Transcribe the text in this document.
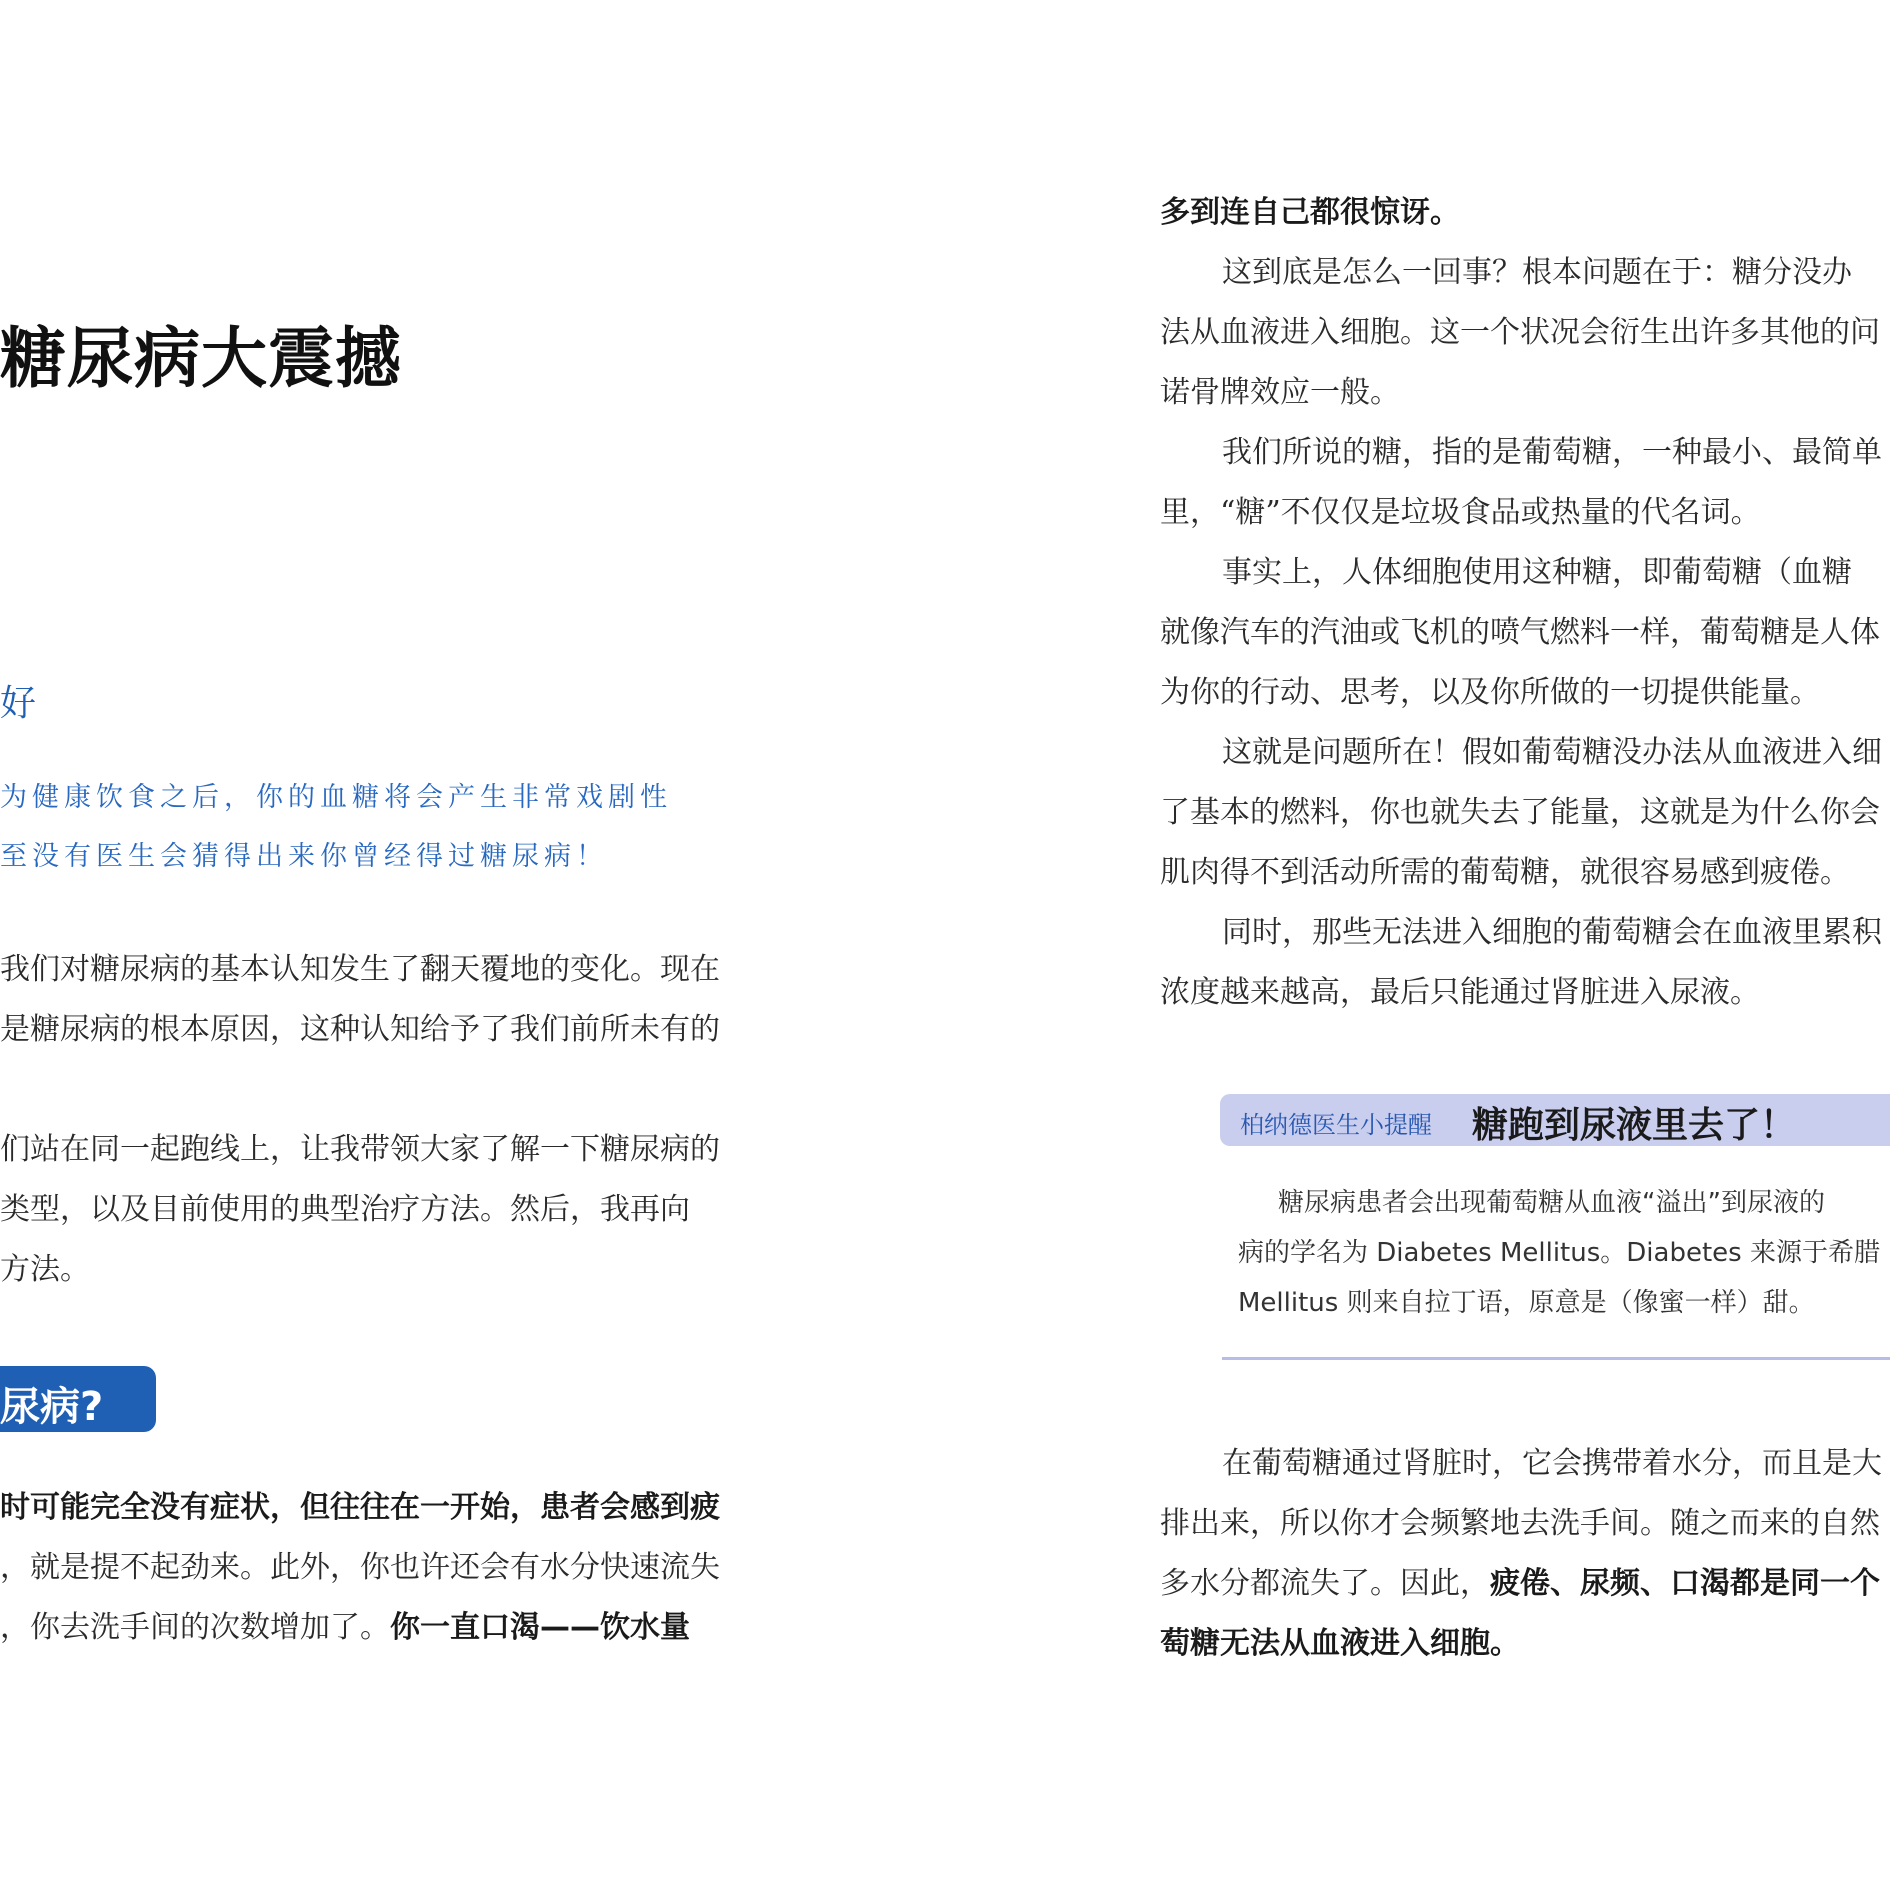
糖尿病大震撼
好
为健康饮食之后，你的血糖将会产生非常戏剧性
至没有医生会猜得出来你曾经得过糖尿病！
我们对糖尿病的基本认知发生了翻天覆地的变化。现在
是糖尿病的根本原因，这种认知给予了我们前所未有的
们站在同一起跑线上，让我带领大家了解一下糖尿病的
类型，以及目前使用的典型治疗方法。然后，我再向
方法。
尿病?
时可能完全没有症状，但往往在一开始，患者会感到疲
，就是提不起劲来。此外，你也许还会有水分快速流失
，你去洗手间的次数增加了。你一直口渴——饮水量
多到连自己都很惊讶。
这到底是怎么一回事？根本问题在于：糖分没办
法从血液进入细胞。这一个状况会衍生出许多其他的问
诺骨牌效应一般。
我们所说的糖，指的是葡萄糖，一种最小、最简单
里，“糖”不仅仅是垃圾食品或热量的代名词。
事实上，人体细胞使用这种糖，即葡萄糖（血糖
就像汽车的汽油或飞机的喷气燃料一样，葡萄糖是人体
为你的行动、思考，以及你所做的一切提供能量。
这就是问题所在！假如葡萄糖没办法从血液进入细
了基本的燃料，你也就失去了能量，这就是为什么你会
肌肉得不到活动所需的葡萄糖，就很容易感到疲倦。
同时，那些无法进入细胞的葡萄糖会在血液里累积
浓度越来越高，最后只能通过肾脏进入尿液。
柏纳德医生小提醒 糖跑到尿液里去了！
糖尿病患者会出现葡萄糖从血液“溢出”到尿液的
病的学名为 Diabetes Mellitus。Diabetes 来源于希腊
Mellitus 则来自拉丁语，原意是（像蜜一样）甜。
在葡萄糖通过肾脏时，它会携带着水分，而且是大
排出来，所以你才会频繁地去洗手间。随之而来的自然
多水分都流失了。因此，疲倦、尿频、口渴都是同一个
萄糖无法从血液进入细胞。
